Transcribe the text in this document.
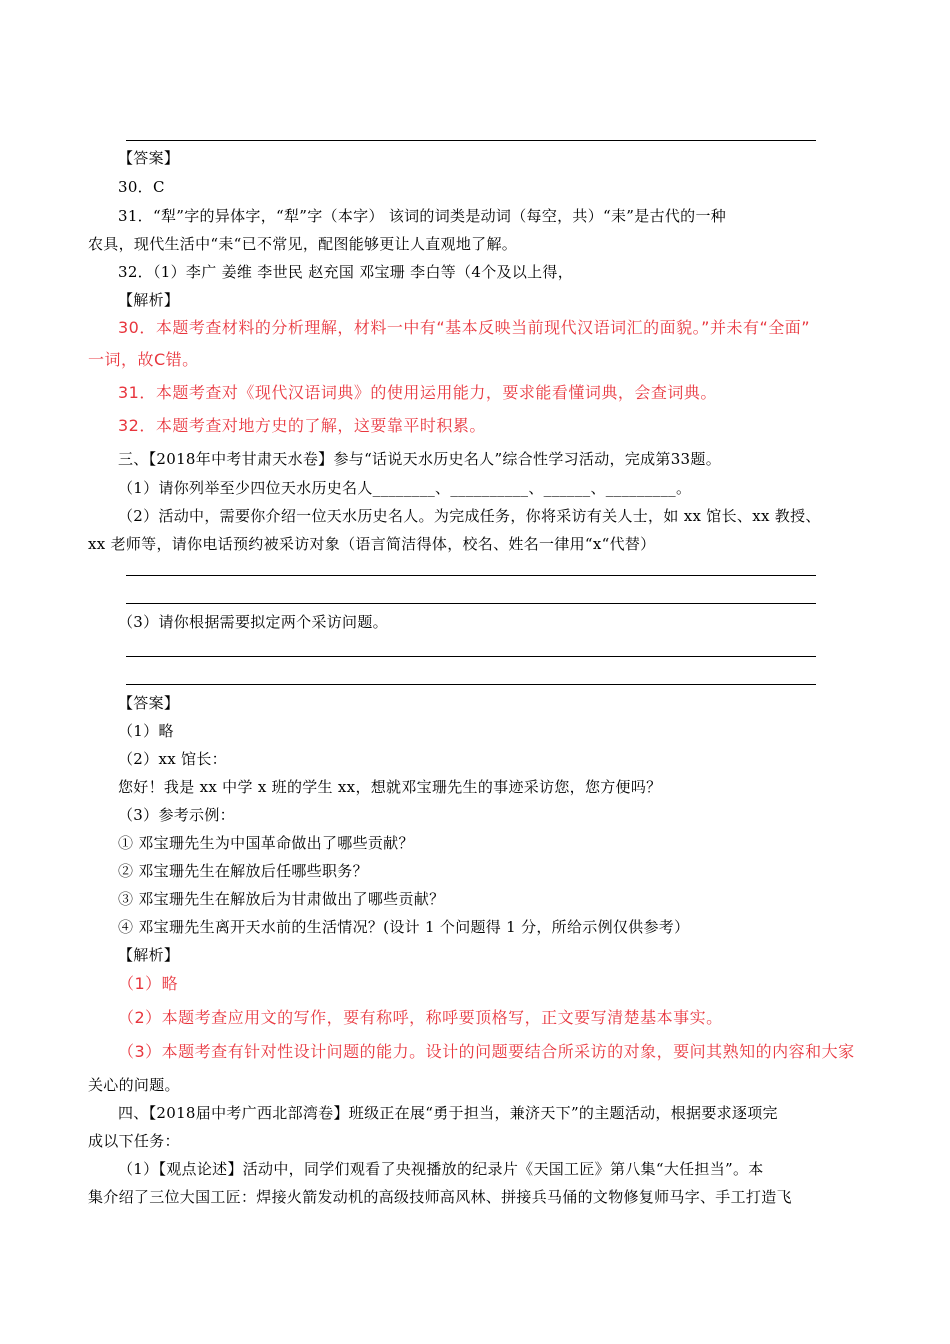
【答案】
30．C
31．“犁”字的异体字，“犁”字（本字） 该词的词类是动词（每空，共）“耒”是古代的一种
农具，现代生活中“耒“已不常见，配图能够更让人直观地了解。
32．（1）李广 姜维 李世民 赵充国 邓宝珊 李白等（4个及以上得，
【解析】
30．本题考查材料的分析理解，材料一中有“基本反映当前现代汉语词汇的面貌。”并未有“全面”
一词，故C错。
31．本题考查对《现代汉语词典》的使用运用能力，要求能看懂词典，会查词典。
32．本题考查对地方史的了解，这要靠平时积累。
三、【2018年中考甘肃天水卷】参与“话说天水历史名人”综合性学习活动，完成第33题。
（1）请你列举至少四位天水历史名人________、__________、______、_________。
（2）活动中，需要你介绍一位天水历史名人。为完成任务，你将采访有关人士，如 xx 馆长、xx 教授、
xx 老师等，请你电话预约被采访对象（语言简洁得体，校名、姓名一律用“x“代替）
（3）请你根据需要拟定两个采访问题。
【答案】
（1）略
（2）xx 馆长：
您好！我是 xx 中学 x 班的学生 xx，想就邓宝珊先生的事迹采访您，您方便吗？
（3）参考示例：
① 邓宝珊先生为中国革命做出了哪些贡献？
② 邓宝珊先生在解放后任哪些职务？
③ 邓宝珊先生在解放后为甘肃做出了哪些贡献？
④ 邓宝珊先生离开天水前的生活情况？(设计 1 个问题得 1 分，所给示例仅供参考）
【解析】
（1）略
（2）本题考查应用文的写作，要有称呼，称呼要顶格写，正文要写清楚基本事实。
（3）本题考查有针对性设计问题的能力。设计的问题要结合所采访的对象，要问其熟知的内容和大家
关心的问题。
四、【2018届中考广西北部湾卷】班级正在展“勇于担当，兼济天下”的主题活动，根据要求逐项完
成以下任务：
（1）【观点论述】活动中，同学们观看了央视播放的纪录片《天国工匠》第八集“大任担当”。本
集介绍了三位大国工匠：焊接火箭发动机的高级技师高风林、拼接兵马俑的文物修复师马字、手工打造飞
